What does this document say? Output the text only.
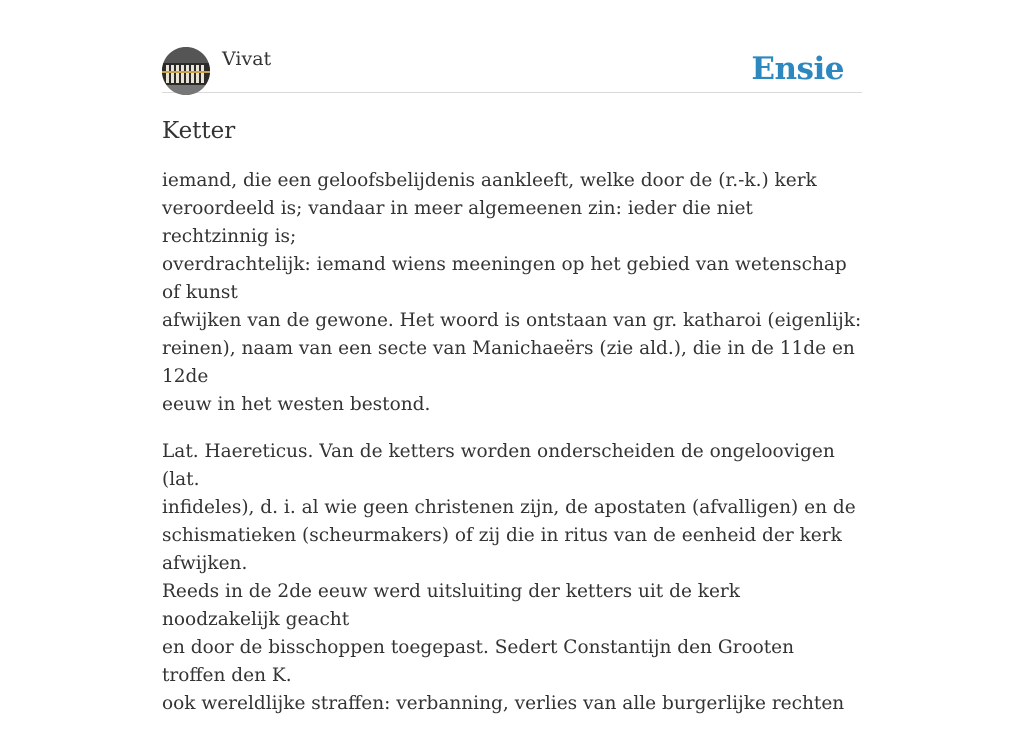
Vivat	Ensie
Ketter

iemand, die een geloofsbelijdenis aankleeft, welke door de (r.-k.) kerk
veroordeeld is; vandaar in meer algemeenen zin: ieder die niet rechtzinnig is;
overdrachtelijk: iemand wiens meeningen op het gebied van wetenschap of kunst
afwijken van de gewone. Het woord is ontstaan van gr. katharoi (eigenlijk:
reinen), naam van een secte van Manichaeërs (zie ald.), die in de 11de en 12de
eeuw in het westen bestond.

Lat. Haereticus. Van de ketters worden onderscheiden de ongeloovigen (lat.
infideles), d. i. al wie geen christenen zijn, de apostaten (afvalligen) en de
schismatieken (scheurmakers) of zij die in ritus van de eenheid der kerk afwijken.
Reeds in de 2de eeuw werd uitsluiting der ketters uit de kerk noodzakelijk geacht
en door de bisschoppen toegepast. Sedert Constantijn den Grooten troffen den K.
ook wereldlijke straffen: verbanning, verlies van alle burgerlijke rechten
